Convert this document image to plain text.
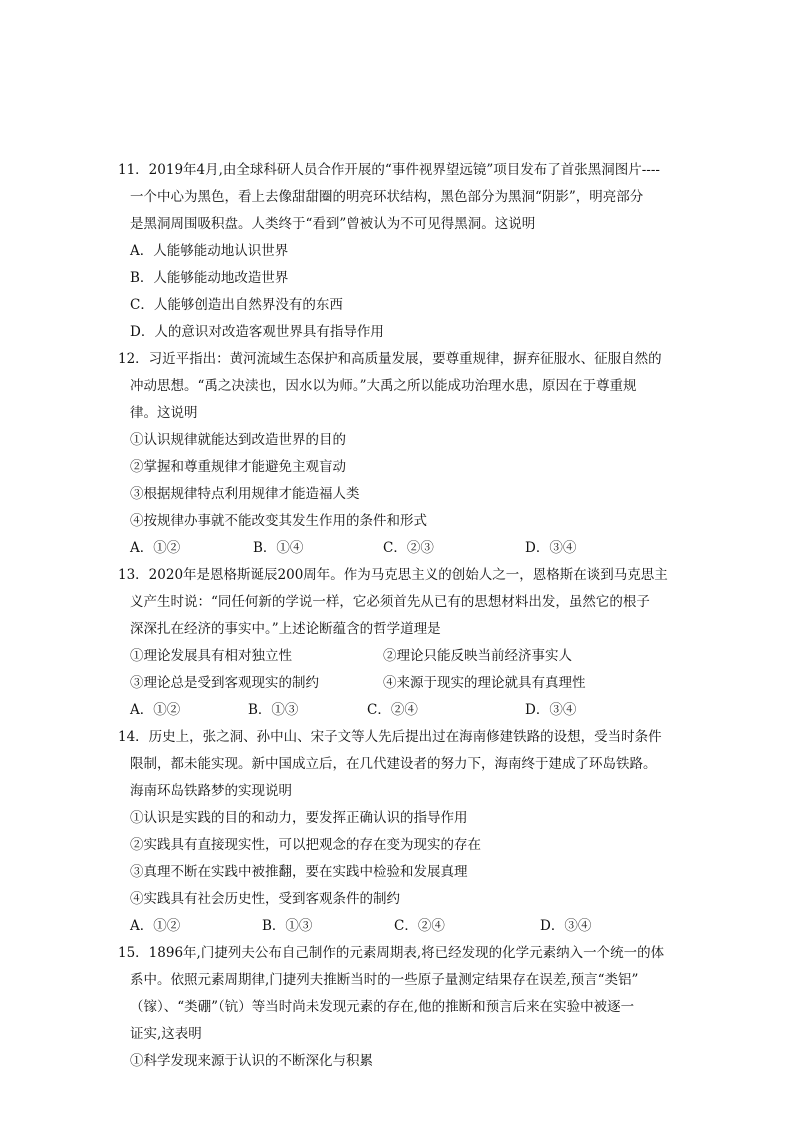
11．2019年4月,由全球科研人员合作开展的“事件视界望远镜”项目发布了首张黑洞图片----
一个中心为黑色，看上去像甜甜圈的明亮环状结构，黑色部分为黑洞“阴影”，明亮部分
是黑洞周围吸积盘。人类终于“看到”曾被认为不可见得黑洞。这说明
A．人能够能动地认识世界
B．人能够能动地改造世界
C．人能够创造出自然界没有的东西
D．人的意识对改造客观世界具有指导作用
12．习近平指出：黄河流域生态保护和高质量发展，要尊重规律，摒弃征服水、征服自然的
冲动思想。“禹之决渎也，因水以为师。”大禹之所以能成功治理水患，原因在于尊重规
律。这说明
①认识规律就能达到改造世界的目的
②掌握和尊重规律才能避免主观盲动
③根据规律特点利用规律才能造福人类
④按规律办事就不能改变其发生作用的条件和形式
A．①②	B．①④	C．②③	D．③④
13．2020年是恩格斯诞辰200周年。作为马克思主义的创始人之一，恩格斯在谈到马克思主
义产生时说：“同任何新的学说一样，它必须首先从已有的思想材料出发，虽然它的根子
深深扎在经济的事实中。”上述论断蕴含的哲学道理是
①理论发展具有相对独立性	②理论只能反映当前经济事实人
③理论总是受到客观现实的制约	④来源于现实的理论就具有真理性
A．①②	B．①③	C．②④	D．③④
14．历史上，张之洞、孙中山、宋子文等人先后提出过在海南修建铁路的设想，受当时条件
限制，都未能实现。新中国成立后，在几代建设者的努力下，海南终于建成了环岛铁路。
海南环岛铁路梦的实现说明
①认识是实践的目的和动力，要发挥正确认识的指导作用
②实践具有直接现实性，可以把观念的存在变为现实的存在
③真理不断在实践中被推翻，要在实践中检验和发展真理
④实践具有社会历史性，受到客观条件的制约
A．①②	B．①③	C．②④	D．③④
15．1896年,门捷列夫公布自己制作的元素周期表,将已经发现的化学元素纳入一个统一的体
系中。依照元素周期律,门捷列夫推断当时的一些原子量测定结果存在误差,预言“类铝”
（镓）、“类硼”（钪）等当时尚未发现元素的存在,他的推断和预言后来在实验中被逐一
证实,这表明
①科学发现来源于认识的不断深化与积累
